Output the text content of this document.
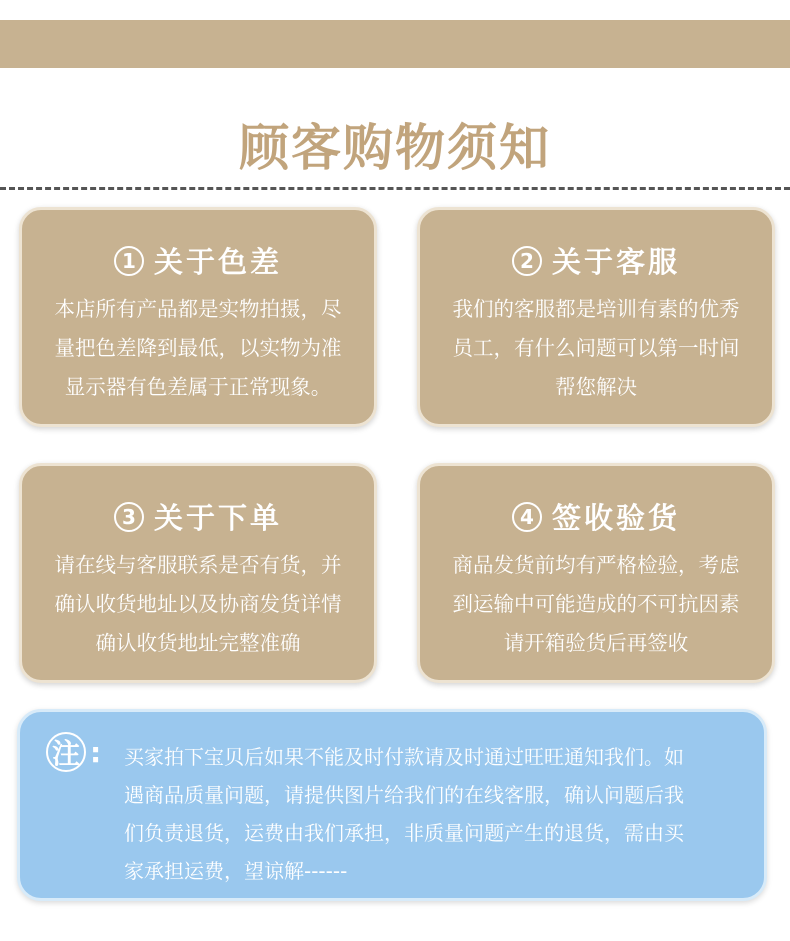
顾客购物须知
1 关于色差
本店所有产品都是实物拍摄，尽
量把色差降到最低，以实物为准
显示器有色差属于正常现象。
2 关于客服
我们的客服都是培训有素的优秀
员工，有什么问题可以第一时间
帮您解决
3 关于下单
请在线与客服联系是否有货，并
确认收货地址以及协商发货详情
确认收货地址完整准确
4 签收验货
商品发货前均有严格检验，考虑
到运输中可能造成的不可抗因素
请开箱验货后再签收
注 : 买家拍下宝贝后如果不能及时付款请及时通过旺旺通知我们。如
遇商品质量问题，请提供图片给我们的在线客服，确认问题后我
们负责退货，运费由我们承担，非质量问题产生的退货，需由买
家承担运费，望谅解------
